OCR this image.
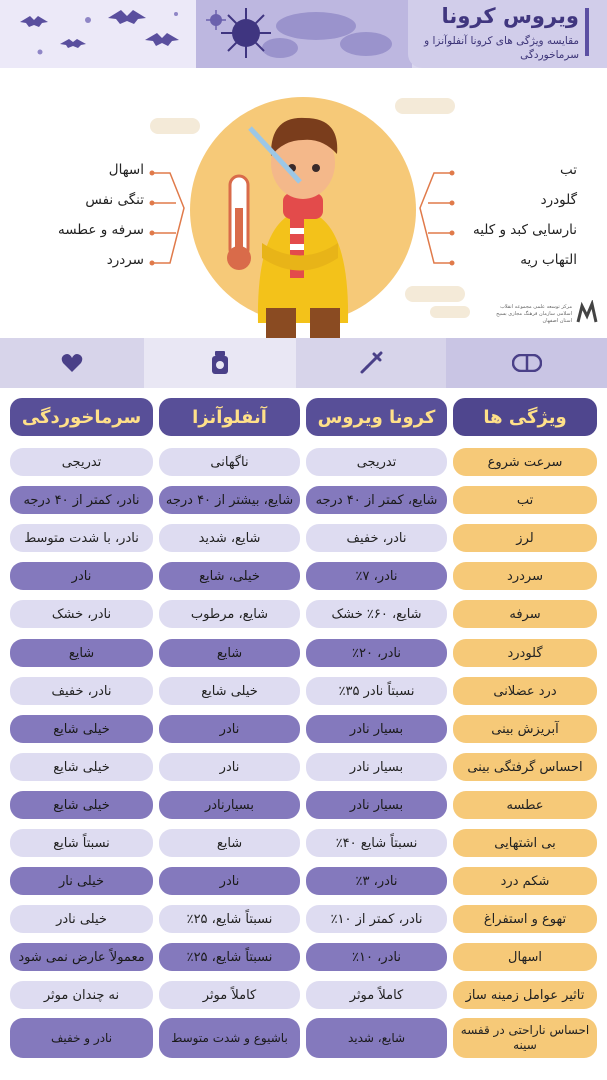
ویروس کرونا
مقایسه ویژگی های کرونا آنفلوآنزا و سرماخوردگی
اسهال
تنگی نفس
سرفه و عطسه
سردرد
تب
گلودرد
نارسایی کبد و کلیه
التهاب ریه
مرکز توسعه علمی مجموعه انقلاب اسلامی سازمان فرهنگ مجازی بسیج استان اصفهان
ویژگی ها
کرونا ویروس
آنفلوآنزا
سرماخوردگی
سرعت شروع
تدریجی
ناگهانی
تدریجی
تب
شایع، کمتر از ۴۰ درجه
شایع، بیشتر از ۴۰ درجه
نادر، کمتر از ۴۰ درجه
لرز
نادر، خفیف
شایع، شدید
نادر، با شدت متوسط
سردرد
نادر، ۷٪
خیلی، شایع
نادر
سرفه
شایع، ۶۰٪ خشک
شایع، مرطوب
نادر، خشک
گلودرد
نادر، ۲۰٪
شایع
شایع
درد عضلانی
نسبتاً نادر ۳۵٪
خیلی شایع
نادر، خفیف
آبریزش بینی
بسیار نادر
نادر
خیلی شایع
احساس گرفتگی بینی
بسیار نادر
نادر
خیلی شایع
عطسه
بسیار نادر
بسیارنادر
خیلی شایع
بی اشتهایی
نسبتاً شایع ۴۰٪
شایع
نسبتاً شایع
شکم درد
نادر، ۳٪
نادر
خیلی نار
تهوع و استفراغ
نادر، کمتر از ۱۰٪
نسبتاً شایع، ۲۵٪
خیلی نادر
اسهال
نادر، ۱۰٪
نسبتاً شایع، ۲۵٪
معمولاً عارض نمی شود
تاثیر عوامل زمینه ساز
کاملاً موثر
کاملاً موثر
نه چندان موثر
احساس ناراحتی در قفسه سینه
شایع، شدید
باشیوع و شدت متوسط
نادر و خفیف
